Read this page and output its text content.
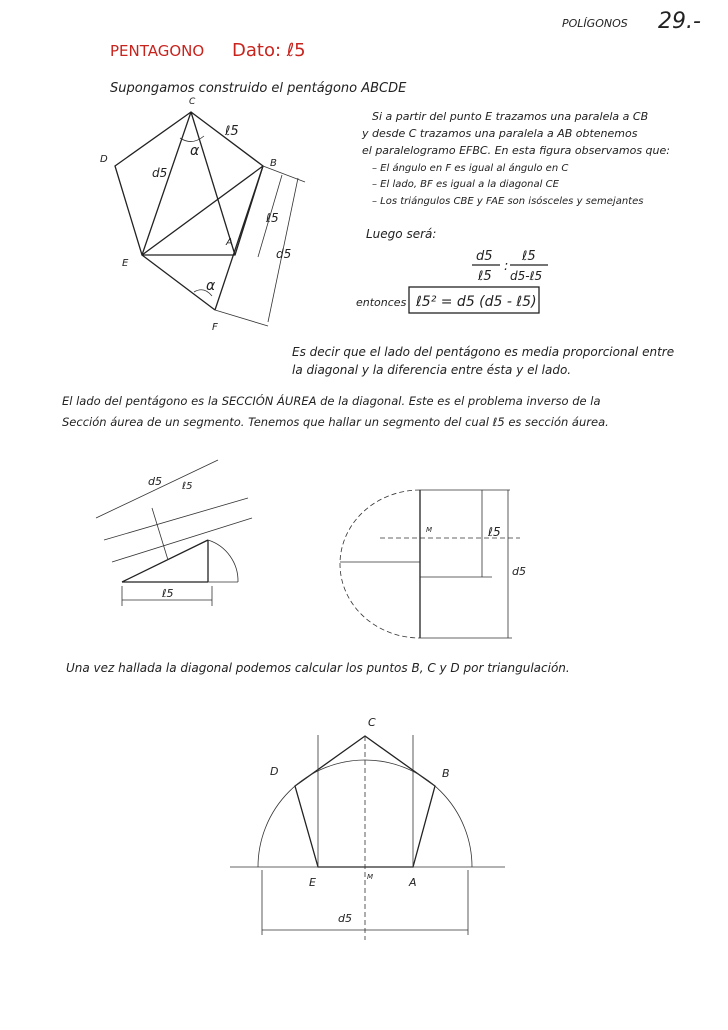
POLÍGONOS 29.-
PENTAGONO Dato: ℓ5
Supongamos construido el pentágono ABCDE
C
D	B
E
A
F
ℓ5
d5
ℓ5
d5
α
α
Si a partir del punto E trazamos una paralela a CB
y desde C trazamos una paralela a AB obtenemos
el paralelogramo EFBC. En esta figura observamos que:
– El ángulo en F es igual al ángulo en C
– El lado, BF es igual a la diagonal CE
– Los triángulos CBE y FAE son isósceles y semejantes
Luego será:
d5
ℓ5
:
ℓ5
d5-ℓ5
entonces ℓ5² = d5 (d5 - ℓ5)
Es decir que el lado del pentágono es media proporcional entre
la diagonal y la diferencia entre ésta y el lado.
El lado del pentágono es la SECCIÓN ÁUREA de la diagonal. Este es el problema inverso de la
Sección áurea de un segmento. Tenemos que hallar un segmento del cual ℓ5 es sección áurea.
d5 ℓ5
ℓ5
M	ℓ5
d5
Una vez hallada la diagonal podemos calcular los puntos B, C y D por triangulación.
C
D	B
E	M	A
d5
